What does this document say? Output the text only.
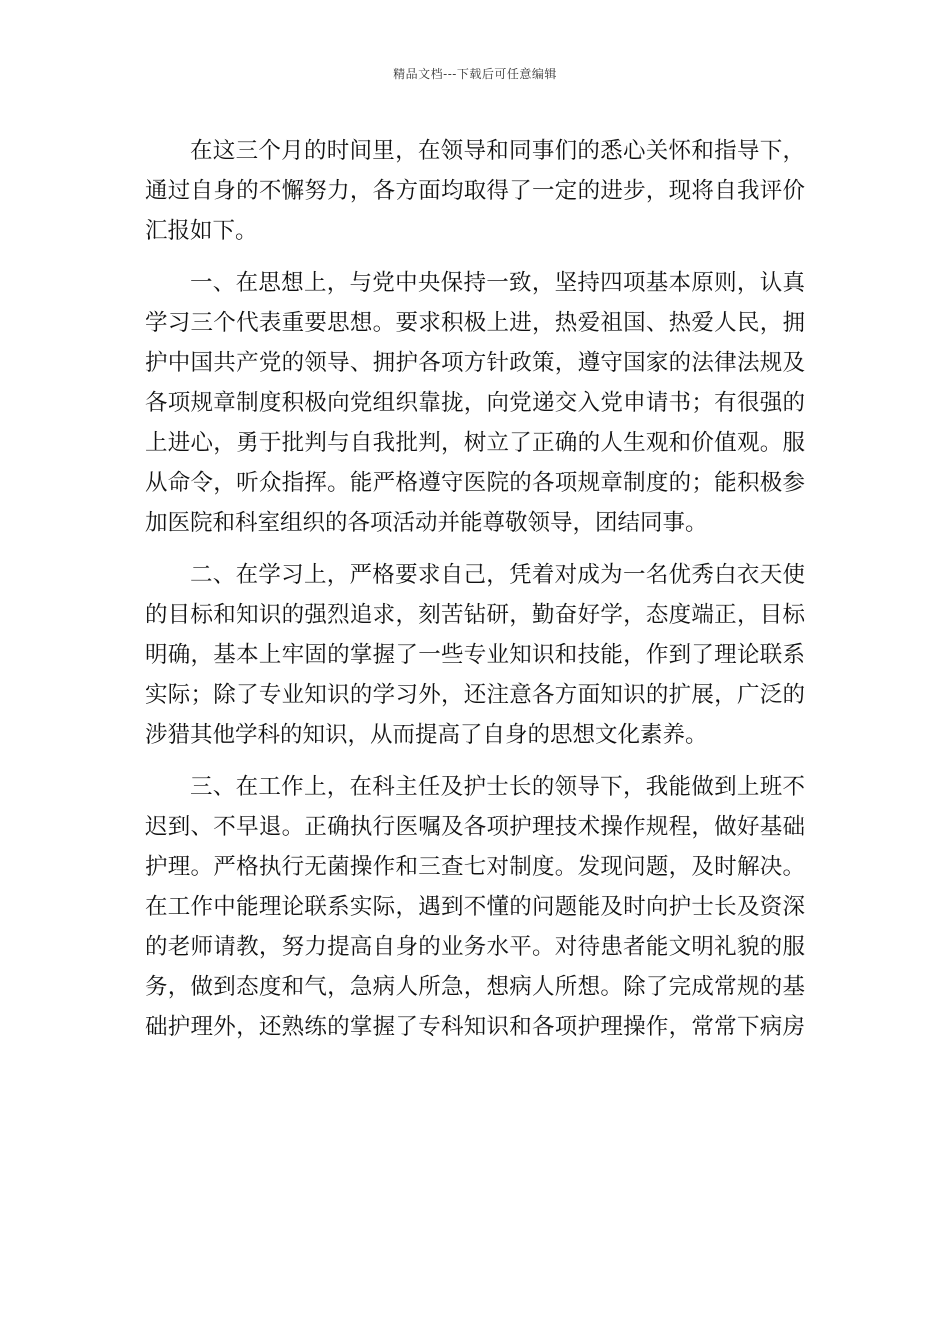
精品文档---下载后可任意编辑
在这三个月的时间里，在领导和同事们的悉心关怀和指导下，
通过自身的不懈努力，各方面均取得了一定的进步，现将自我评价
汇报如下。
一、在思想上，与党中央保持一致，坚持四项基本原则，认真
学习三个代表重要思想。要求积极上进，热爱祖国、热爱人民，拥
护中国共产党的领导、拥护各项方针政策，遵守国家的法律法规及
各项规章制度积极向党组织靠拢，向党递交入党申请书；有很强的
上进心，勇于批判与自我批判，树立了正确的人生观和价值观。服
从命令，听众指挥。能严格遵守医院的各项规章制度的；能积极参
加医院和科室组织的各项活动并能尊敬领导，团结同事。
二、在学习上，严格要求自己，凭着对成为一名优秀白衣天使
的目标和知识的强烈追求，刻苦钻研，勤奋好学，态度端正，目标
明确，基本上牢固的掌握了一些专业知识和技能，作到了理论联系
实际；除了专业知识的学习外，还注意各方面知识的扩展，广泛的
涉猎其他学科的知识，从而提高了自身的思想文化素养。
三、在工作上，在科主任及护士长的领导下，我能做到上班不
迟到、不早退。正确执行医嘱及各项护理技术操作规程，做好基础
护理。严格执行无菌操作和三查七对制度。发现问题，及时解决。
在工作中能理论联系实际，遇到不懂的问题能及时向护士长及资深
的老师请教，努力提高自身的业务水平。对待患者能文明礼貌的服
务，做到态度和气，急病人所急，想病人所想。除了完成常规的基
础护理外，还熟练的掌握了专科知识和各项护理操作，常常下病房
